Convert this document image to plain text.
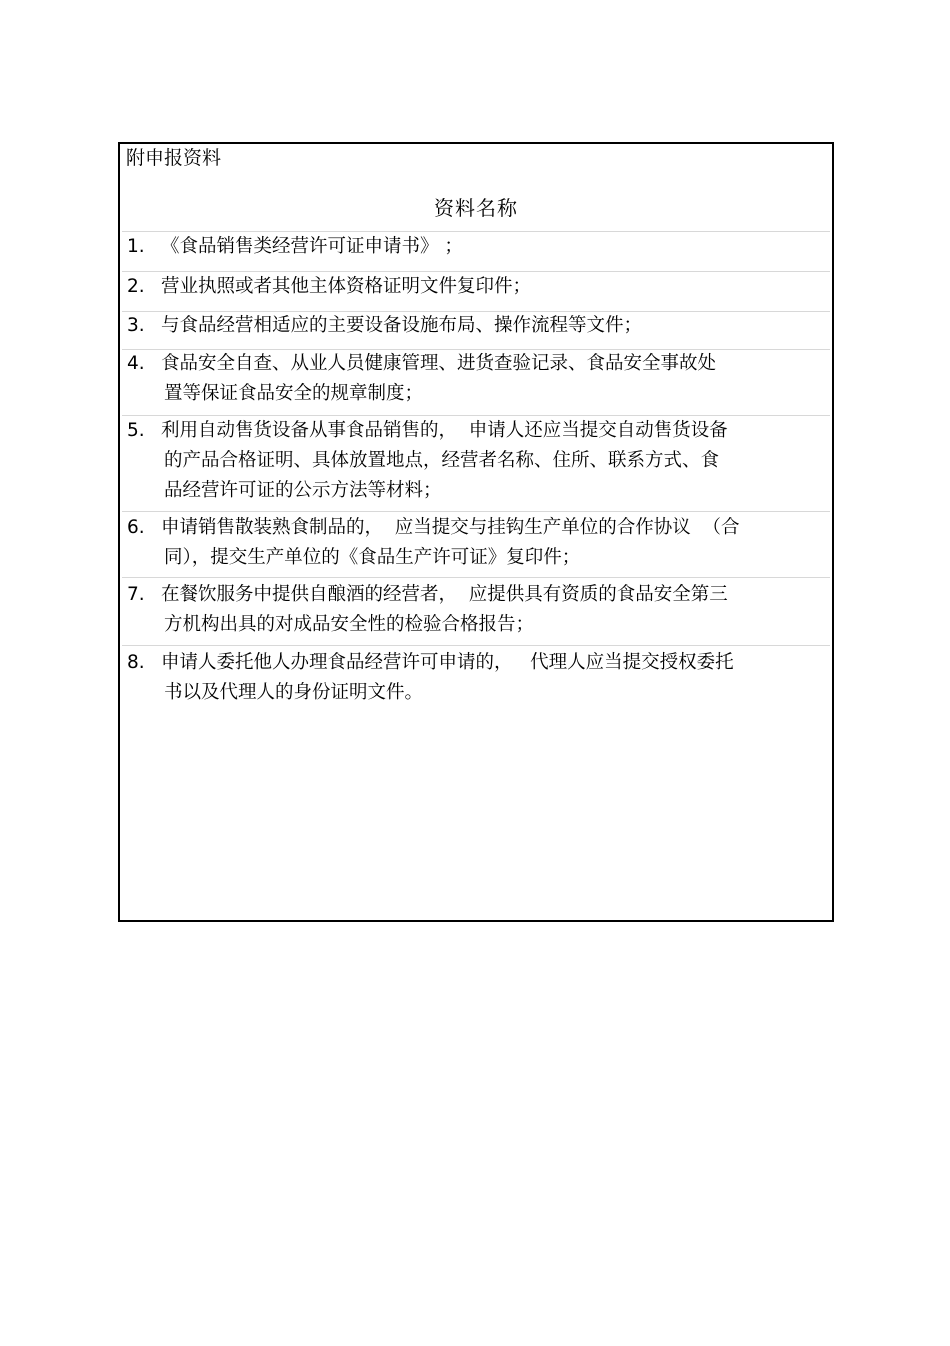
附申报资料
资料名称
1. 《食品销售类经营许可证申请书》 ；
2. 营业执照或者其他主体资格证明文件复印件；
3. 与食品经营相适应的主要设备设施布局、操作流程等文件；
4. 食品安全自查、从业人员健康管理、进货查验记录、食品安全事故处
置等保证食品安全的规章制度；
5. 利用自动售货设备从事食品销售的，  申请人还应当提交自动售货设备
的产品合格证明、具体放置地点，经营者名称、住所、联系方式、食
品经营许可证的公示方法等材料；
6. 申请销售散装熟食制品的，  应当提交与挂钩生产单位的合作协议  （合
同），提交生产单位的《食品生产许可证》复印件；
7. 在餐饮服务中提供自酿酒的经营者，  应提供具有资质的食品安全第三
方机构出具的对成品安全性的检验合格报告；
8. 申请人委托他人办理食品经营许可申请的，   代理人应当提交授权委托
书以及代理人的身份证明文件。
